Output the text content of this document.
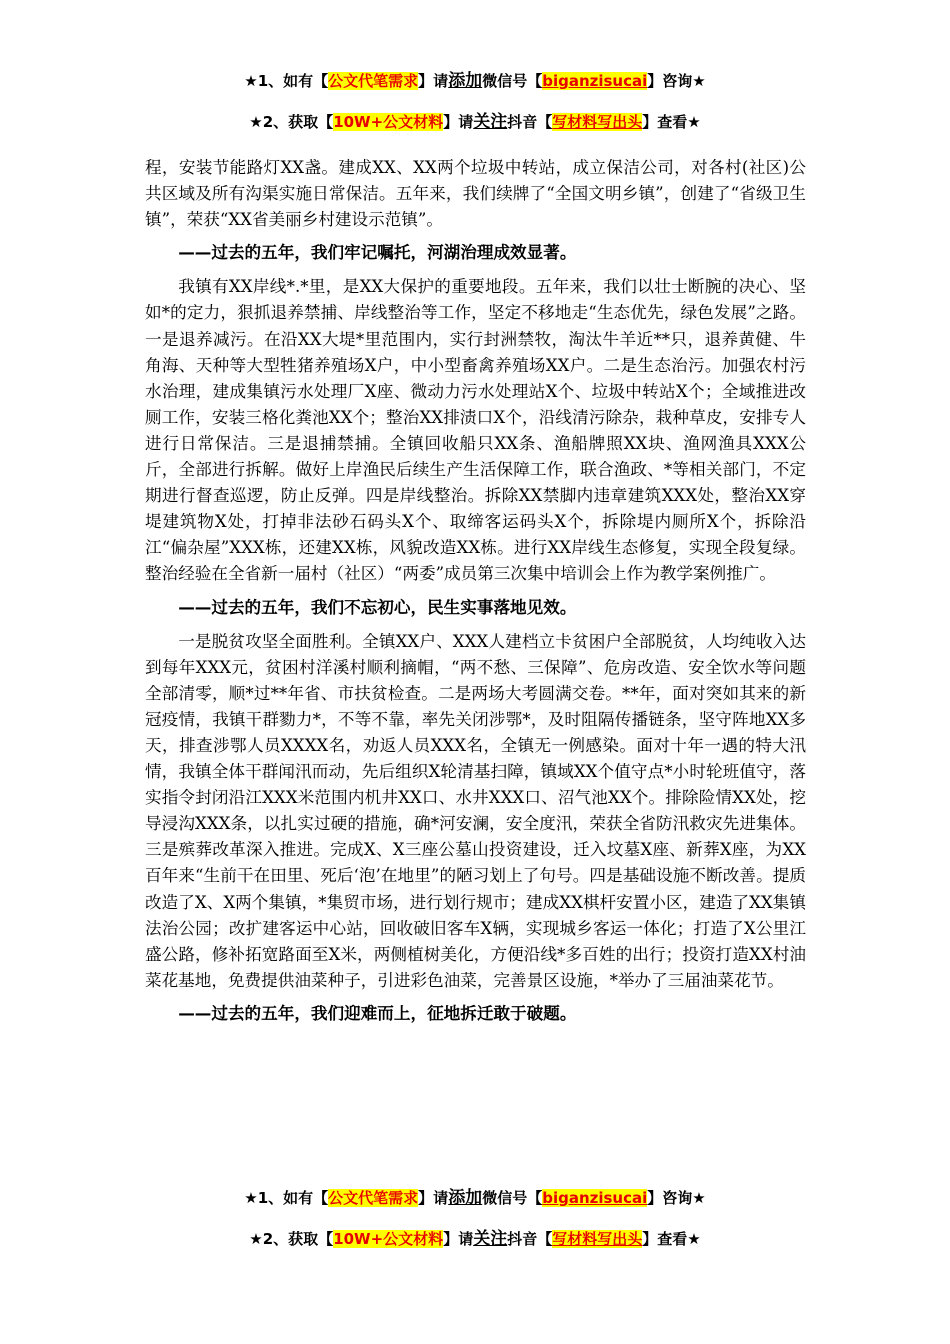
★1、如有【公文代笔需求】请添加微信号【biganzisucai】咨询★
★2、获取【10W+公文材料】请关注抖音【写材料写出头】查看★

程，安装节能路灯XX盏。建成XX、XX两个垃圾中转站，成立保洁公司，对各村(社区)公共区域及所有沟渠实施日常保洁。五年来，我们续牌了“全国文明乡镇”，创建了“省级卫生镇”，荣获“XX省美丽乡村建设示范镇”。

——过去的五年，我们牢记嘱托，河湖治理成效显著。

我镇有XX岸线*.*里，是XX大保护的重要地段。五年来，我们以壮士断腕的决心、坚如*的定力，狠抓退养禁捕、岸线整治等工作，坚定不移地走“生态优先，绿色发展”之路。一是退养减污。在沿XX大堤*里范围内，实行封洲禁牧，淘汰牛羊近**只，退养黄健、牛角海、天种等大型牲猪养殖场X户，中小型畜禽养殖场XX户。二是生态治污。加强农村污水治理，建成集镇污水处理厂X座、微动力污水处理站X个、垃圾中转站X个；全域推进改厕工作，安装三格化粪池XX个；整治XX排渍口X个，沿线清污除杂，栽种草皮，安排专人进行日常保洁。三是退捕禁捕。全镇回收船只XX条、渔船牌照XX块、渔网渔具XXX公斤，全部进行拆解。做好上岸渔民后续生产生活保障工作，联合渔政、*等相关部门，不定期进行督查巡逻，防止反弹。四是岸线整治。拆除XX禁脚内违章建筑XXX处，整治XX穿堤建筑物X处，打掉非法砂石码头X个、取缔客运码头X个，拆除堤内厕所X个，拆除沿江“偏杂屋”XXX栋，还建XX栋，风貌改造XX栋。进行XX岸线生态修复，实现全段复绿。整治经验在全省新一届村（社区）“两委”成员第三次集中培训会上作为教学案例推广。

——过去的五年，我们不忘初心，民生实事落地见效。

一是脱贫攻坚全面胜利。全镇XX户、XXX人建档立卡贫困户全部脱贫，人均纯收入达到每年XXX元，贫困村洋溪村顺利摘帽，“两不愁、三保障”、危房改造、安全饮水等问题全部清零，顺*过**年省、市扶贫检查。二是两场大考圆满交卷。**年，面对突如其来的新冠疫情，我镇干群勠力*，不等不靠，率先关闭涉鄂*，及时阻隔传播链条，坚守阵地XX多天，排查涉鄂人员XXXX名，劝返人员XXX名，全镇无一例感染。面对十年一遇的特大汛情，我镇全体干群闻汛而动，先后组织X轮清基扫障，镇域XX个值守点*小时轮班值守，落实指令封闭沿江XXX米范围内机井XX口、水井XXX口、沼气池XX个。排除险情XX处，挖导浸沟XXX条，以扎实过硬的措施，确*河安澜，安全度汛，荣获全省防汛救灾先进集体。三是殡葬改革深入推进。完成X、X三座公墓山投资建设，迁入坟墓X座、新葬X座，为XX百年来“生前干在田里、死后‘泡’在地里”的陋习划上了句号。四是基础设施不断改善。提质改造了X、X两个集镇，*集贸市场，进行划行规市；建成XX棋杆安置小区，建造了XX集镇法治公园；改扩建客运中心站，回收破旧客车X辆，实现城乡客运一体化；打造了X公里江盛公路，修补拓宽路面至X米，两侧植树美化，方便沿线*多百姓的出行；投资打造XX村油菜花基地，免费提供油菜种子，引进彩色油菜，完善景区设施，*举办了三届油菜花节。

——过去的五年，我们迎难而上，征地拆迁敢于破题。

★1、如有【公文代笔需求】请添加微信号【biganzisucai】咨询★
★2、获取【10W+公文材料】请关注抖音【写材料写出头】查看★
